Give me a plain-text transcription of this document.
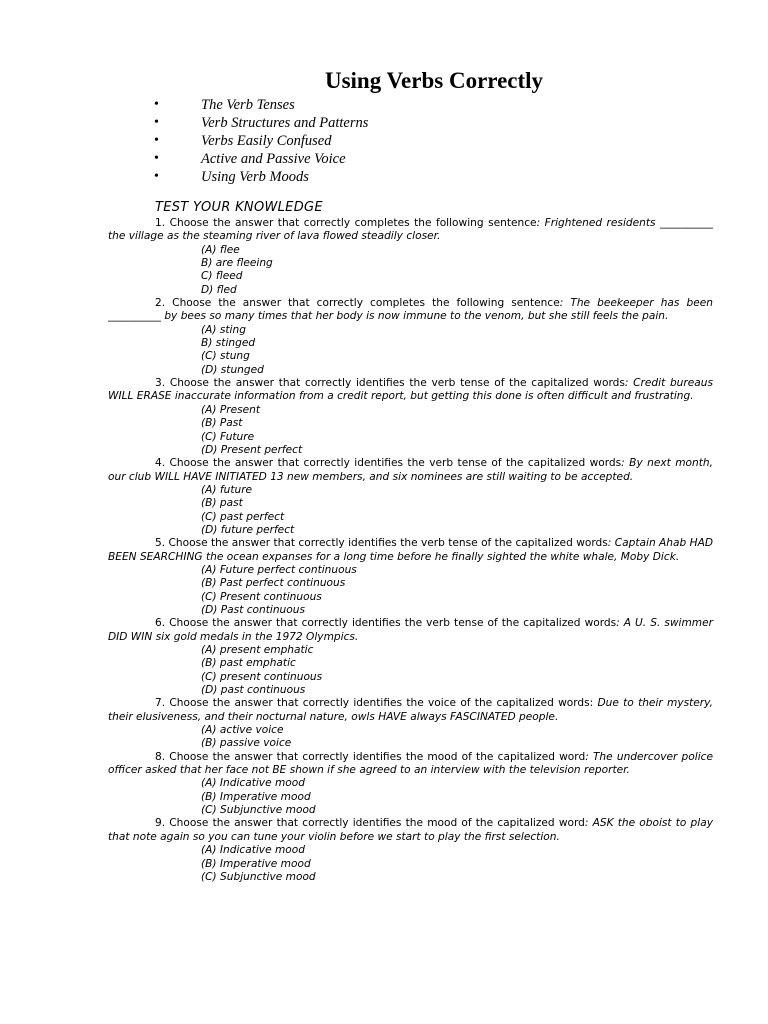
Using Verbs Correctly
•	The Verb Tenses
•	Verb Structures and Patterns
•	Verbs Easily Confused
•	Active and Passive Voice
•	Using Verb Moods
TEST YOUR KNOWLEDGE

1. Choose the answer that correctly completes the following sentence: Frightened residents __________ the village as the steaming river of lava flowed steadily closer.

(A) flee
B) are fleeing
C) fleed
D) fled

2. Choose the answer that correctly completes the following sentence: The beekeeper has been __________ by bees so many times that her body is now immune to the venom, but she still feels the pain.

(A) sting
B) stinged
(C) stung
(D) stunged

3. Choose the answer that correctly identifies the verb tense of the capitalized words: Credit bureaus WILL ERASE inaccurate information from a credit report, but getting this done is often difficult and frustrating.

(A) Present
(B) Past
(C) Future
(D) Present perfect

4. Choose the answer that correctly identifies the verb tense of the capitalized words: By next month, our club WILL HAVE INITIATED 13 new members, and six nominees are still waiting to be accepted.

(A) future
(B) past
(C) past perfect
(D) future perfect

5. Choose the answer that correctly identifies the verb tense of the capitalized words: Captain Ahab HAD BEEN SEARCHING the ocean expanses for a long time before he finally sighted the white whale, Moby Dick.

(A) Future perfect continuous
(B) Past perfect continuous
(C) Present continuous
(D) Past continuous

6. Choose the answer that correctly identifies the verb tense of the capitalized words: A U. S. swimmer DID WIN six gold medals in the 1972 Olympics.

(A) present emphatic
(B) past emphatic
(C) present continuous
(D) past continuous

7. Choose the answer that correctly identifies the voice of the capitalized words: Due to their mystery, their elusiveness, and their nocturnal nature, owls HAVE always FASCINATED people.

(A) active voice
(B) passive voice

8. Choose the answer that correctly identifies the mood of the capitalized word: The undercover police officer asked that her face not BE shown if she agreed to an interview with the television reporter.

(A) Indicative mood
(B) Imperative mood
(C) Subjunctive mood

9. Choose the answer that correctly identifies the mood of the capitalized word: ASK the oboist to play that note again so you can tune your violin before we start to play the first selection.

(A) Indicative mood
(B) Imperative mood
(C) Subjunctive mood
